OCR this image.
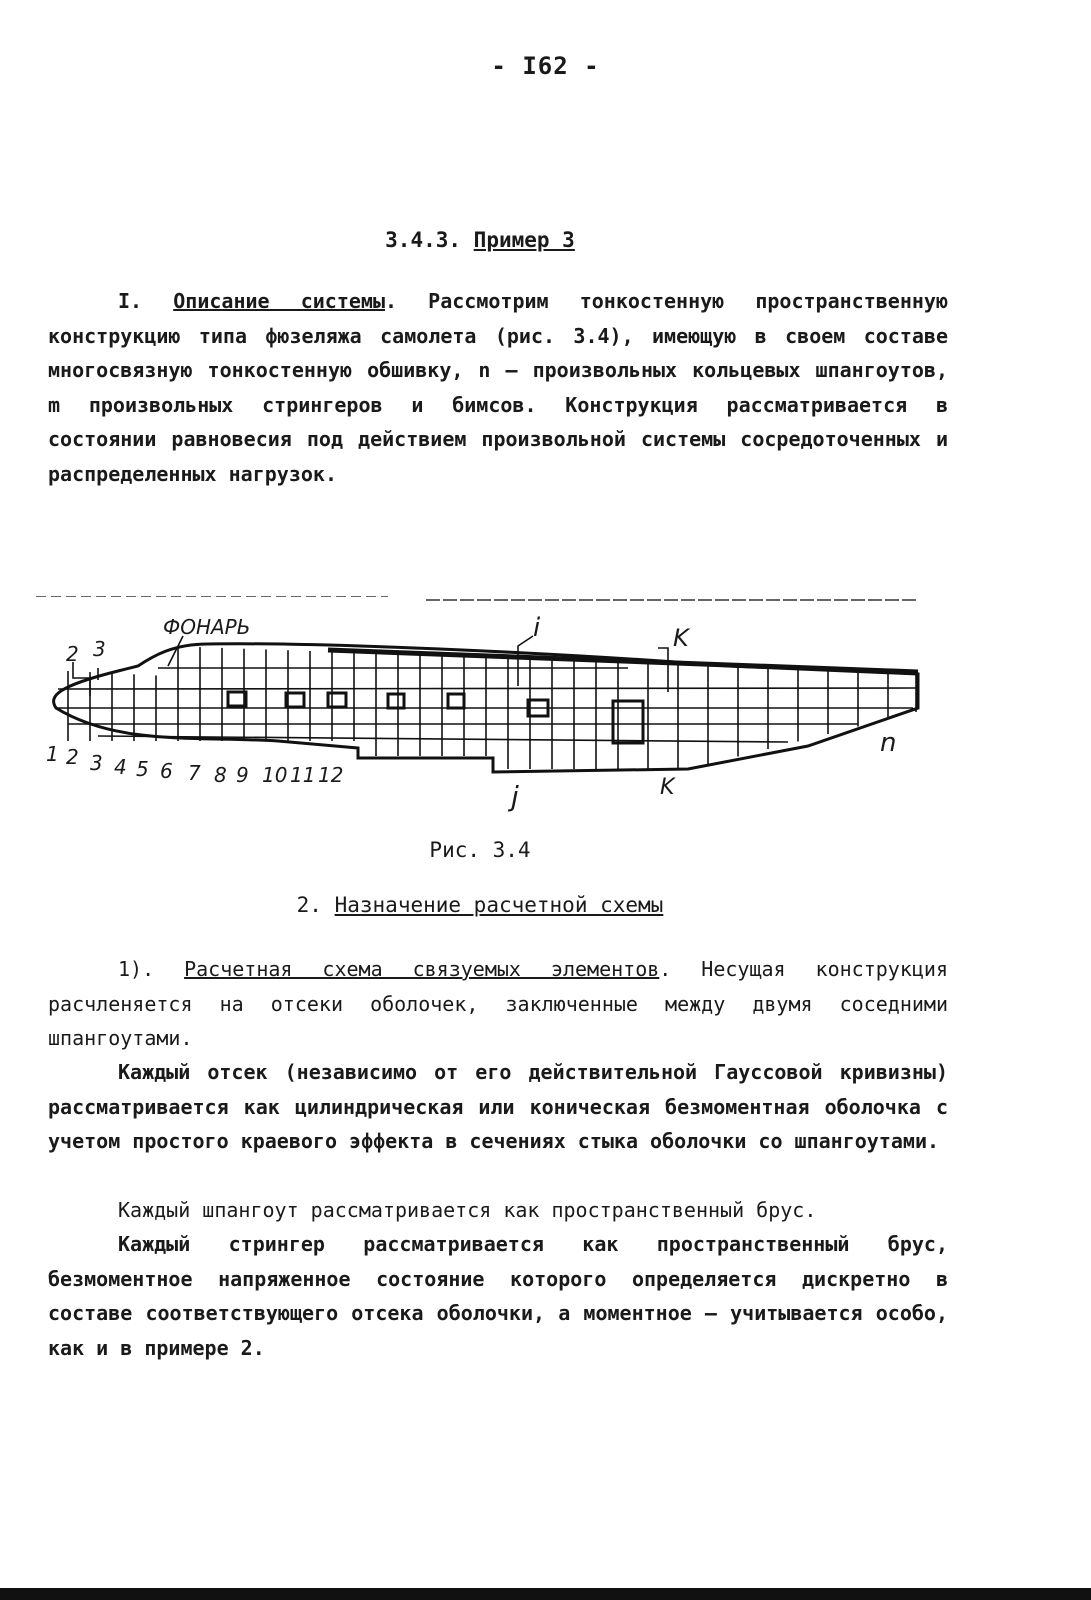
- I62 -
3.4.3. Пример 3

I. Описание системы. Рассмотрим тонкостенную пространственную конструкцию типа фюзеляжа самолета (рис. 3.4), имеющую в своем составе многосвязную тонкостенную обшивку, n – произвольных кольцевых шпангоутов, m произвольных стрингеров и бимсов. Конструкция рассматривается в состоянии равновесия под действием произвольной системы сосредоточенных и распределенных нагрузок.

ФОНАРЬ
2 3
i	K
j	K
n
1 2 3 4 5 6 7 8 9 10 11 12
Рис. 3.4
2. Назначение расчетной схемы

1). Расчетная схема связуемых элементов. Несущая конструкция расчленяется на отсеки оболочек, заключенные между двумя соседними шпангоутами.

Каждый отсек (независимо от его действительной Гауссовой кривизны) рассматривается как цилиндрическая или коническая безмоментная оболочка с учетом простого краевого эффекта в сечениях стыка оболочки со шпангоутами.

Каждый шпангоут рассматривается как пространственный брус.

Каждый стрингер рассматривается как пространственный брус, безмоментное напряженное состояние которого определяется дискретно в составе соответствующего отсека оболочки, а моментное – учитывается особо, как и в примере 2.
